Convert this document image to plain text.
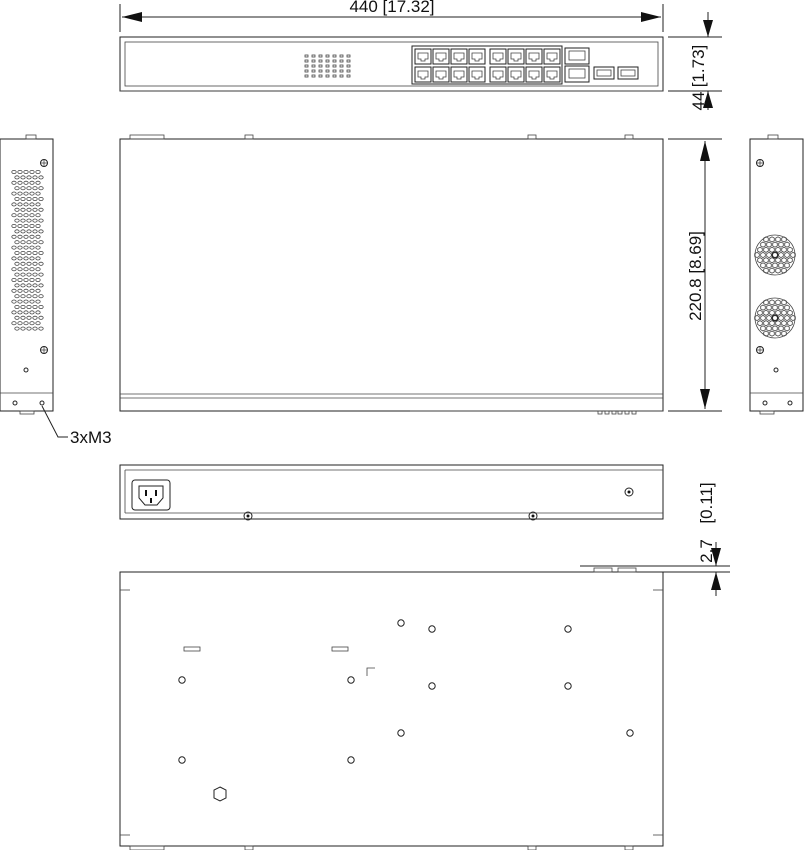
440 [17.32]
[1.73]
44
220.8 [8.69]
3xM3
[0.11]
2.7
